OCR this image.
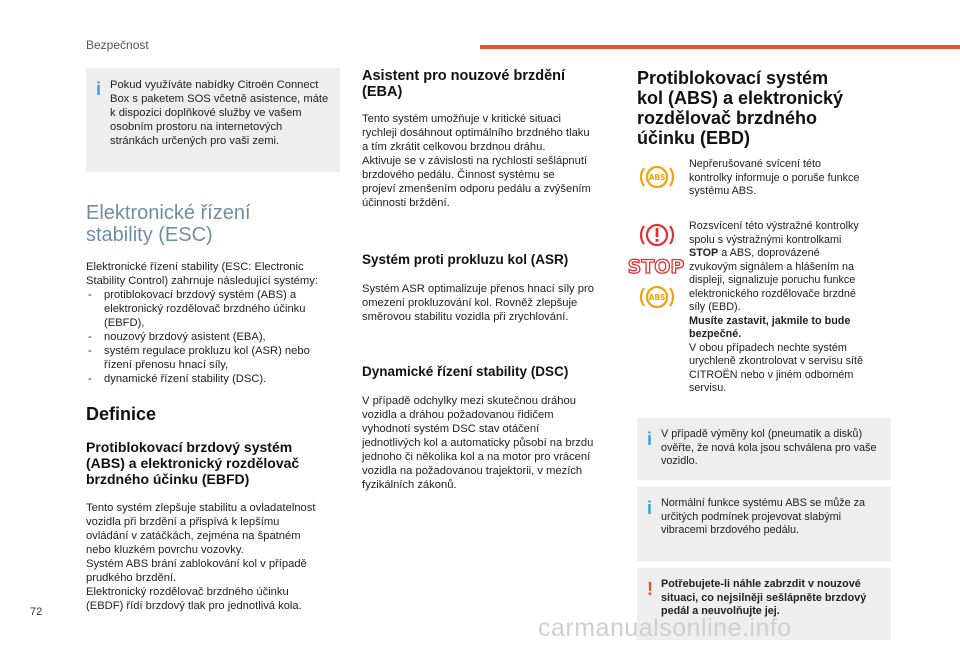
Bezpečnost
i Pokud využíváte nabídky Citroën Connect Box s paketem SOS včetně asistence, máte k dispozici doplňkové služby ve vašem osobním prostoru na internetových stránkách určených pro vaši zemi.
Elektronické řízení
stability (ESC)
Elektronické řízení stability (ESC: Electronic Stability Control) zahrnuje následující systémy:
- protiblokovací brzdový systém (ABS) a elektronický rozdělovač brzdného účinku (EBFD),
- nouzový brzdový asistent (EBA),
- systém regulace prokluzu kol (ASR) nebo řízení přenosu hnací síly,
- dynamické řízení stability (DSC).
Definice
Protiblokovací brzdový systém
(ABS) a elektronický rozdělovač
brzdného účinku (EBFD)
Tento systém zlepšuje stabilitu a ovladatelnost
vozidla při brzdění a přispívá k lepšímu
ovládání v zatáčkách, zejména na špatném
nebo kluzkém povrchu vozovky.
Systém ABS brání zablokování kol v případě
prudkého brzdění.
Elektronický rozdělovač brzdného účinku
(EBDF) řídí brzdový tlak pro jednotlivá kola.
Asistent pro nouzové brzdění
(EBA)
Tento systém umožňuje v kritické situaci
rychleji dosáhnout optimálního brzdného tlaku
a tím zkrátit celkovou brzdnou dráhu.
Aktivuje se v závislosti na rychlosti sešlápnutí
brzdového pedálu. Činnost systému se
projeví zmenšením odporu pedálu a zvýšením
účinnosti brždění.
Systém proti prokluzu kol (ASR)
Systém ASR optimalizuje přenos hnací síly pro
omezení prokluzování kol. Rovněž zlepšuje
směrovou stabilitu vozidla při zrychlování.
Dynamické řízení stability (DSC)
V případě odchylky mezi skutečnou dráhou
vozidla a dráhou požadovanou řidičem
vyhodnotí systém DSC stav otáčení
jednotlivých kol a automaticky působí na brzdu
jednoho či několika kol a na motor pro vrácení
vozidla na požadovanou trajektorii, v mezích
fyzikálních zákonů.
Protiblokovací systém
kol (ABS) a elektronický
rozdělovač brzdného
účinku (EBD)
ABS
Nepřerušované svícení této
kontrolky informuje o poruše funkce
systému ABS.

STOP

ABS
Rozsvícení této výstražné kontrolky
spolu s výstražnými kontrolkami
STOP a ABS, doprovázené
zvukovým signálem a hlášením na
displeji, signalizuje poruchu funkce
elektronického rozdělovače brzdné
síly (EBD).
Musíte zastavit, jakmile to bude
bezpečné.
V obou případech nechte systém
urychleně zkontrolovat v servisu sítě
CITROËN nebo v jiném odborném
servisu.
i V případě výměny kol (pneumatik a disků) ověřte, že nová kola jsou schválena pro vaše vozidlo.
i Normální funkce systému ABS se může za určitých podmínek projevovat slabými vibracemi brzdového pedálu.
! Potřebujete-li náhle zabrzdit v nouzové situaci, co nejsilněji sešlápněte brzdový pedál a neuvolňujte jej.
72
carmanualsonline.info
